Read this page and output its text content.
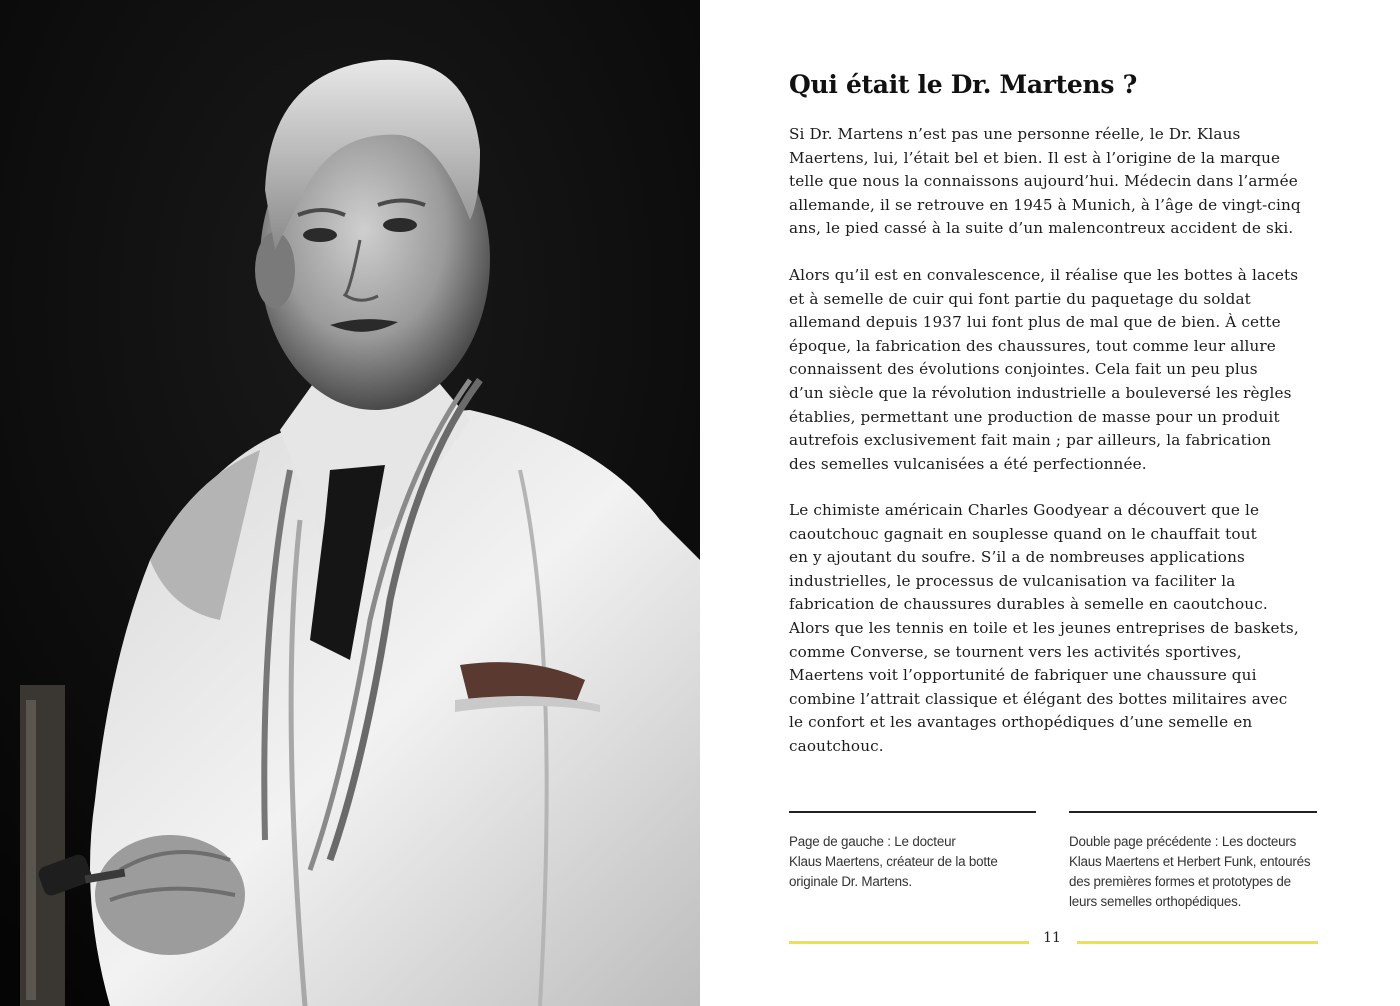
Qui était le Dr. Martens ?

Si Dr. Martens n’est pas une personne réelle, le Dr. Klaus
Maertens, lui, l’était bel et bien. Il est à l’origine de la marque
telle que nous la connaissons aujourd’hui. Médecin dans l’armée
allemande, il se retrouve en 1945 à Munich, à l’âge de vingt-cinq
ans, le pied cassé à la suite d’un malencontreux accident de ski.

Alors qu’il est en convalescence, il réalise que les bottes à lacets
et à semelle de cuir qui font partie du paquetage du soldat
allemand depuis 1937 lui font plus de mal que de bien. À cette
époque, la fabrication des chaussures, tout comme leur allure
connaissent des évolutions conjointes. Cela fait un peu plus
d’un siècle que la révolution industrielle a bouleversé les règles
établies, permettant une production de masse pour un produit
autrefois exclusivement fait main ; par ailleurs, la fabrication
des semelles vulcanisées a été perfectionnée.

Le chimiste américain Charles Goodyear a découvert que le
caoutchouc gagnait en souplesse quand on le chauffait tout
en y ajoutant du soufre. S’il a de nombreuses applications
industrielles, le processus de vulcanisation va faciliter la
fabrication de chaussures durables à semelle en caoutchouc.
Alors que les tennis en toile et les jeunes entreprises de baskets,
comme Converse, se tournent vers les activités sportives,
Maertens voit l’opportunité de fabriquer une chaussure qui
combine l’attrait classique et élégant des bottes militaires avec
le confort et les avantages orthopédiques d’une semelle en
caoutchouc.

Page de gauche : Le docteur
Klaus Maertens, créateur de la botte
originale Dr. Martens.
Double page précédente : Les docteurs
Klaus Maertens et Herbert Funk, entourés
des premières formes et prototypes de
leurs semelles orthopédiques.
11
